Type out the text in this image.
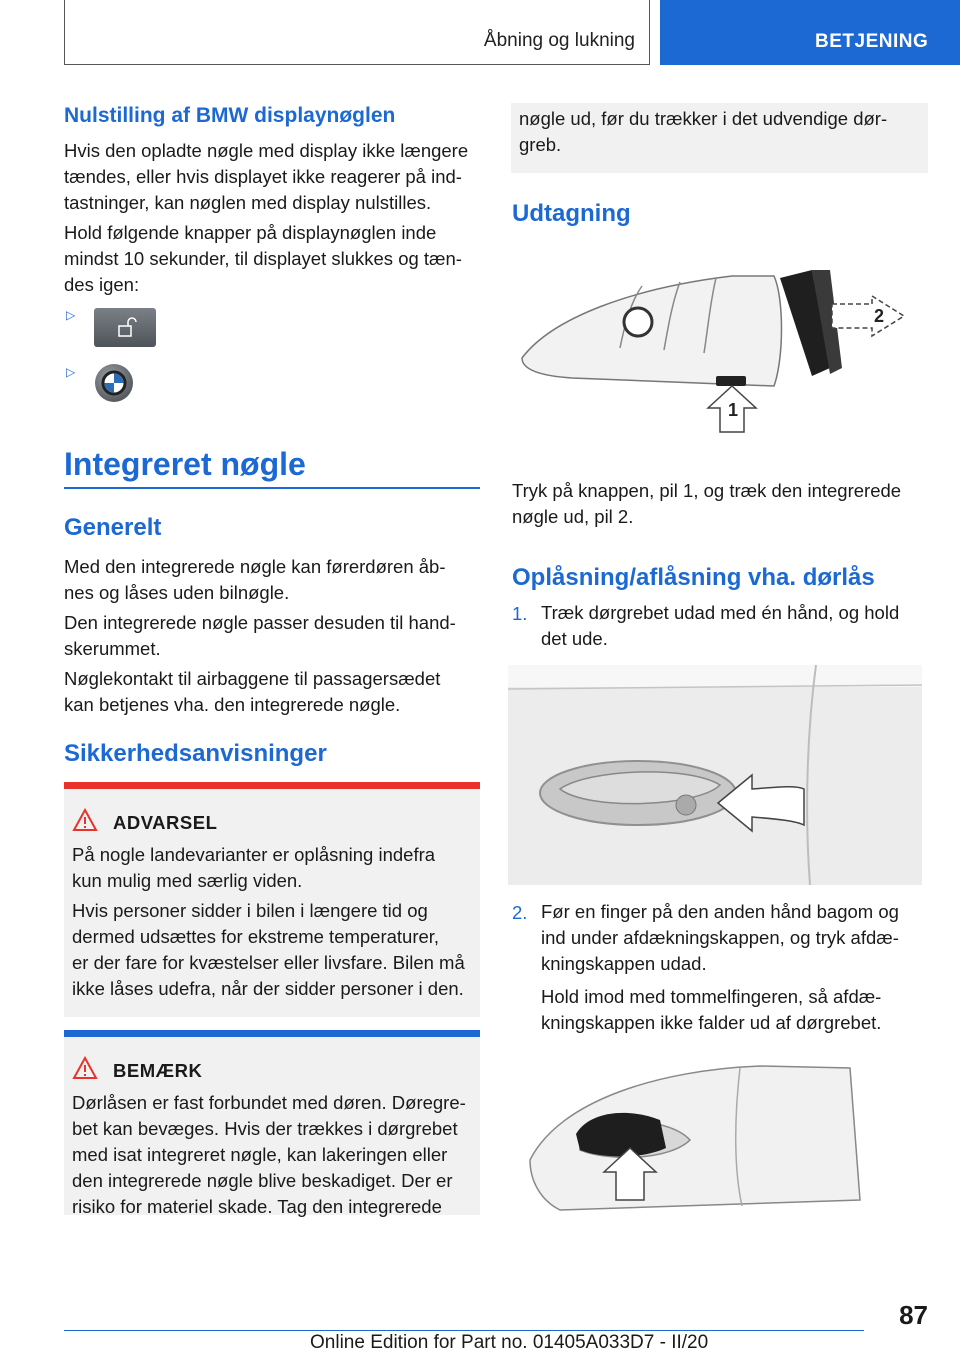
Åbning og lukning	BETJENING
Nulstilling af BMW displaynøglen
Hvis den opladte nøgle med display ikke længere
tændes, eller hvis displayet ikke reagerer på ind-
tastninger, kan nøglen med display nulstilles.
Hold følgende knapper på displaynøglen inde
mindst 10 sekunder, til displayet slukkes og tæn-
des igen:
▷
▷
Integreret nøgle
Generelt
Med den integrerede nøgle kan førerdøren åb-
nes og låses uden bilnøgle.
Den integrerede nøgle passer desuden til hand-
skerummet.
Nøglekontakt til airbaggene til passagersædet
kan betjenes vha. den integrerede nøgle.
Sikkerhedsanvisninger
ADVARSEL
På nogle landevarianter er oplåsning indefra
kun mulig med særlig viden.
Hvis personer sidder i bilen i længere tid og
dermed udsættes for ekstreme temperaturer,
er der fare for kvæstelser eller livsfare. Bilen må
ikke låses udefra, når der sidder personer i den.
BEMÆRK
Dørlåsen er fast forbundet med døren. Døregre-
bet kan bevæges. Hvis der trækkes i dørgrebet
med isat integreret nøgle, kan lakeringen eller
den integrerede nøgle blive beskadiget. Der er
risiko for materiel skade. Tag den integrerede
nøgle ud, før du trækker i det udvendige dør-
greb.
Udtagning
2
1
Tryk på knappen, pil 1, og træk den integrerede
nøgle ud, pil 2.
Oplåsning/aflåsning vha. dørlås
1. Træk dørgrebet udad med én hånd, og hold
det ude.
2. Før en finger på den anden hånd bagom og
ind under afdækningskappen, og tryk afdæ-
kningskappen udad.
Hold imod med tommelfingeren, så afdæ-
kningskappen ikke falder ud af dørgrebet.
87
Online Edition for Part no. 01405A033D7 - II/20
